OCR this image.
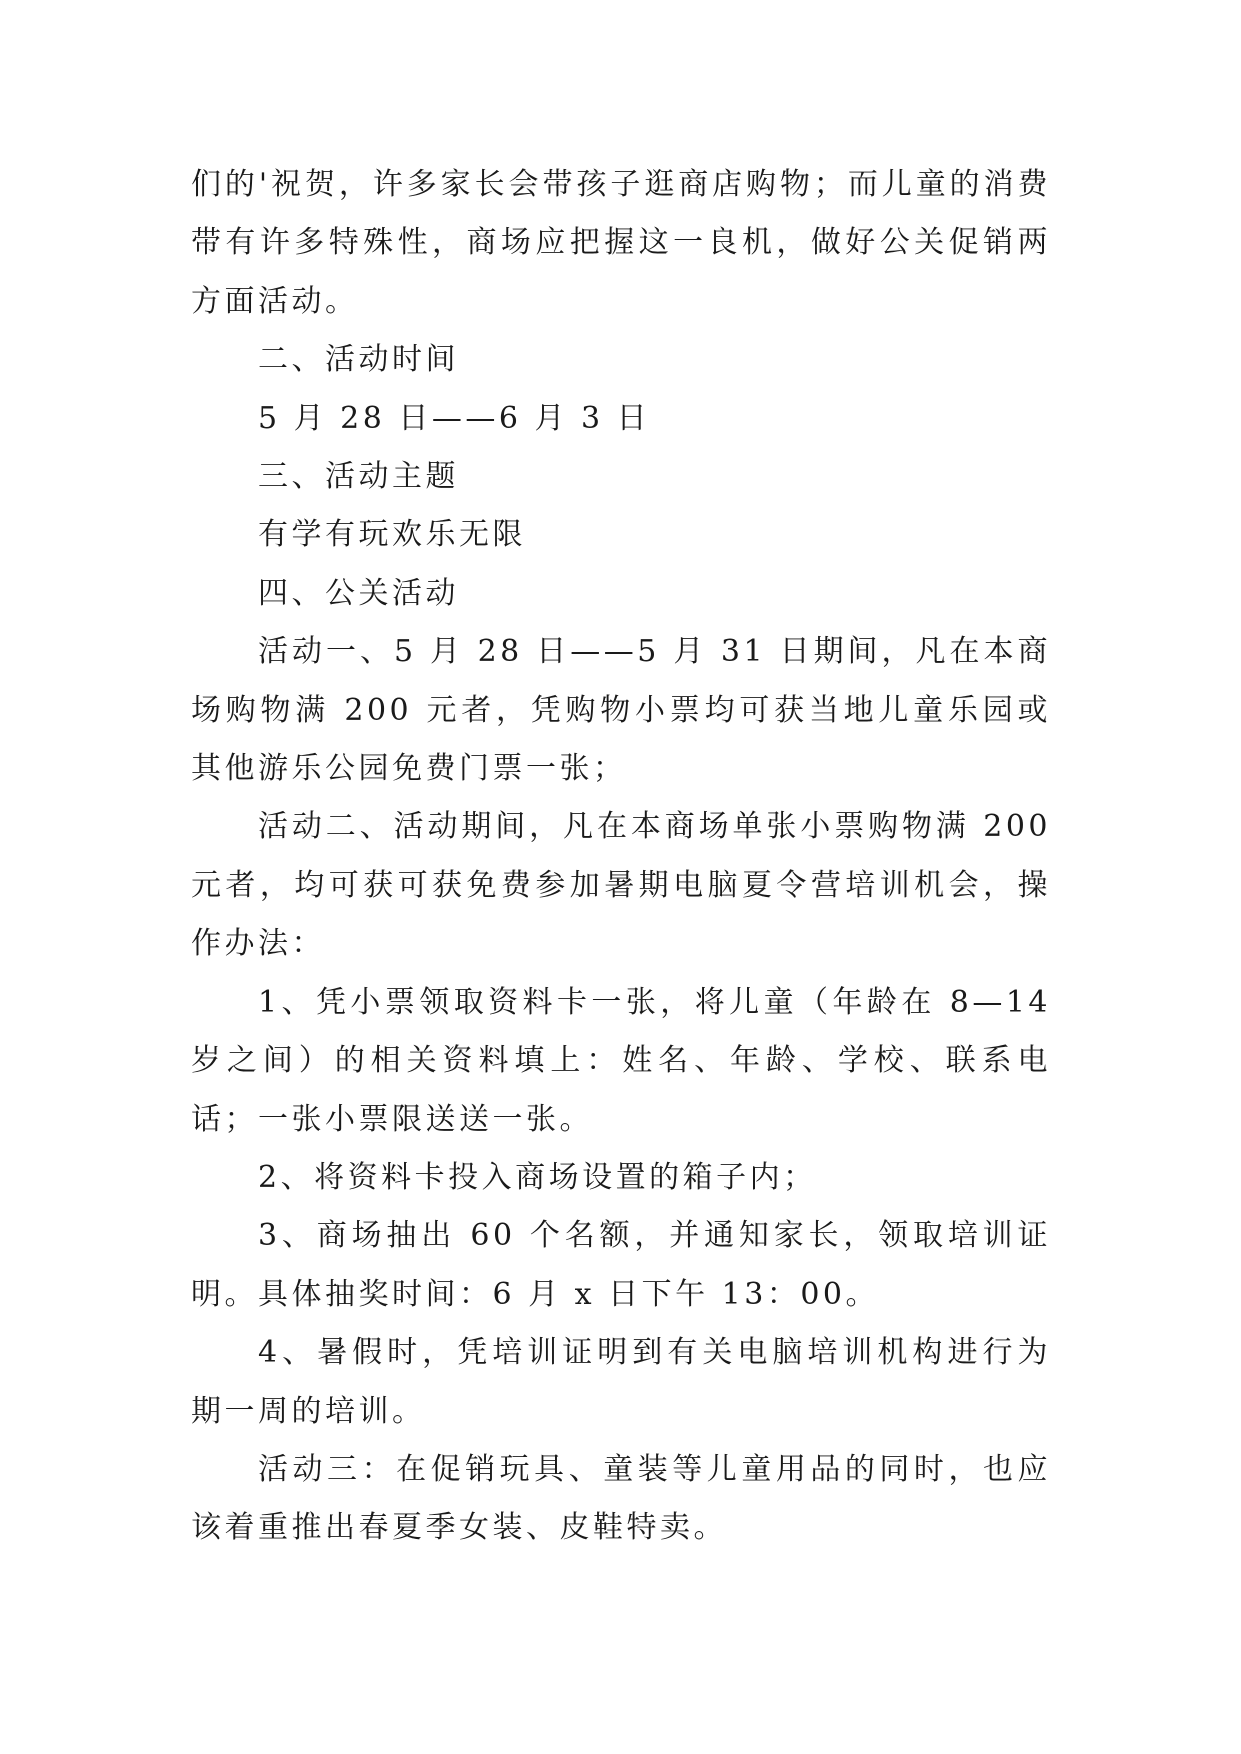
们的'祝贺，许多家长会带孩子逛商店购物；而儿童的消费带有许多特殊性，商场应把握这一良机，做好公关促销两方面活动。

二、活动时间

5 月 28 日——6 月 3 日

三、活动主题

有学有玩欢乐无限

四、公关活动

活动一、5 月 28 日——5 月 31 日期间，凡在本商场购物满 200 元者，凭购物小票均可获当地儿童乐园或其他游乐公园免费门票一张；

活动二、活动期间，凡在本商场单张小票购物满 200 元者，均可获可获免费参加暑期电脑夏令营培训机会，操作办法：

1、凭小票领取资料卡一张，将儿童（年龄在 8—14 岁之间）的相关资料填上：姓名、年龄、学校、联系电话；一张小票限送送一张。

2、将资料卡投入商场设置的箱子内；

3、商场抽出 60 个名额，并通知家长，领取培训证明。具体抽奖时间：6 月 x 日下午 13：00。

4、暑假时，凭培训证明到有关电脑培训机构进行为期一周的培训。

活动三：在促销玩具、童装等儿童用品的同时，也应该着重推出春夏季女装、皮鞋特卖。
